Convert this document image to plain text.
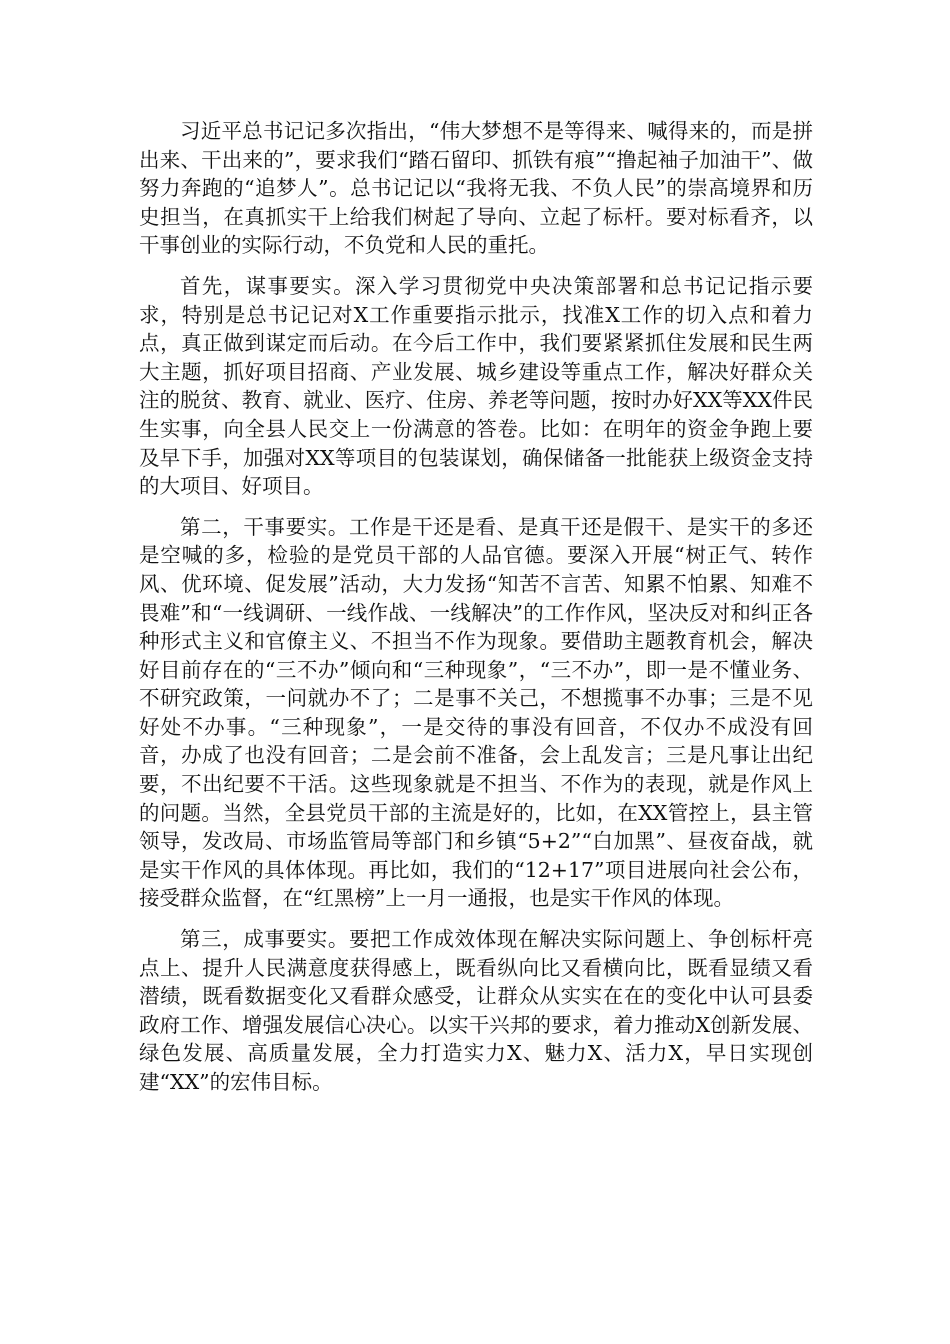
习近平总书记记多次指出，“伟大梦想不是等得来、喊得来的，而是拼出来、干出来的”，要求我们“踏石留印、抓铁有痕”“撸起袖子加油干”、做努力奔跑的“追梦人”。总书记记以“我将无我、不负人民”的崇高境界和历史担当，在真抓实干上给我们树起了导向、立起了标杆。要对标看齐，以干事创业的实际行动，不负党和人民的重托。

首先，谋事要实。深入学习贯彻党中央决策部署和总书记记指示要求，特别是总书记记对X工作重要指示批示，找准X工作的切入点和着力点，真正做到谋定而后动。在今后工作中，我们要紧紧抓住发展和民生两大主题，抓好项目招商、产业发展、城乡建设等重点工作，解决好群众关注的脱贫、教育、就业、医疗、住房、养老等问题，按时办好XX等XX件民生实事，向全县人民交上一份满意的答卷。比如：在明年的资金争跑上要及早下手，加强对XX等项目的包装谋划，确保储备一批能获上级资金支持的大项目、好项目。

第二，干事要实。工作是干还是看、是真干还是假干、是实干的多还是空喊的多，检验的是党员干部的人品官德。要深入开展“树正气、转作风、优环境、促发展”活动，大力发扬“知苦不言苦、知累不怕累、知难不畏难”和“一线调研、一线作战、一线解决”的工作作风，坚决反对和纠正各种形式主义和官僚主义、不担当不作为现象。要借助主题教育机会，解决好目前存在的“三不办”倾向和“三种现象”，“三不办”，即一是不懂业务、不研究政策，一问就办不了；二是事不关己，不想揽事不办事；三是不见好处不办事。“三种现象”，一是交待的事没有回音，不仅办不成没有回音，办成了也没有回音；二是会前不准备，会上乱发言；三是凡事让出纪要，不出纪要不干活。这些现象就是不担当、不作为的表现，就是作风上的问题。当然，全县党员干部的主流是好的，比如，在XX管控上，县主管领导，发改局、市场监管局等部门和乡镇“5+2”“白加黑”、昼夜奋战，就是实干作风的具体体现。再比如，我们的“12+17”项目进展向社会公布，接受群众监督，在“红黑榜”上一月一通报，也是实干作风的体现。

第三，成事要实。要把工作成效体现在解决实际问题上、争创标杆亮点上、提升人民满意度获得感上，既看纵向比又看横向比，既看显绩又看潜绩，既看数据变化又看群众感受，让群众从实实在在的变化中认可县委政府工作、增强发展信心决心。以实干兴邦的要求，着力推动X创新发展、绿色发展、高质量发展，全力打造实力X、魅力X、活力X，早日实现创建“XX”的宏伟目标。
